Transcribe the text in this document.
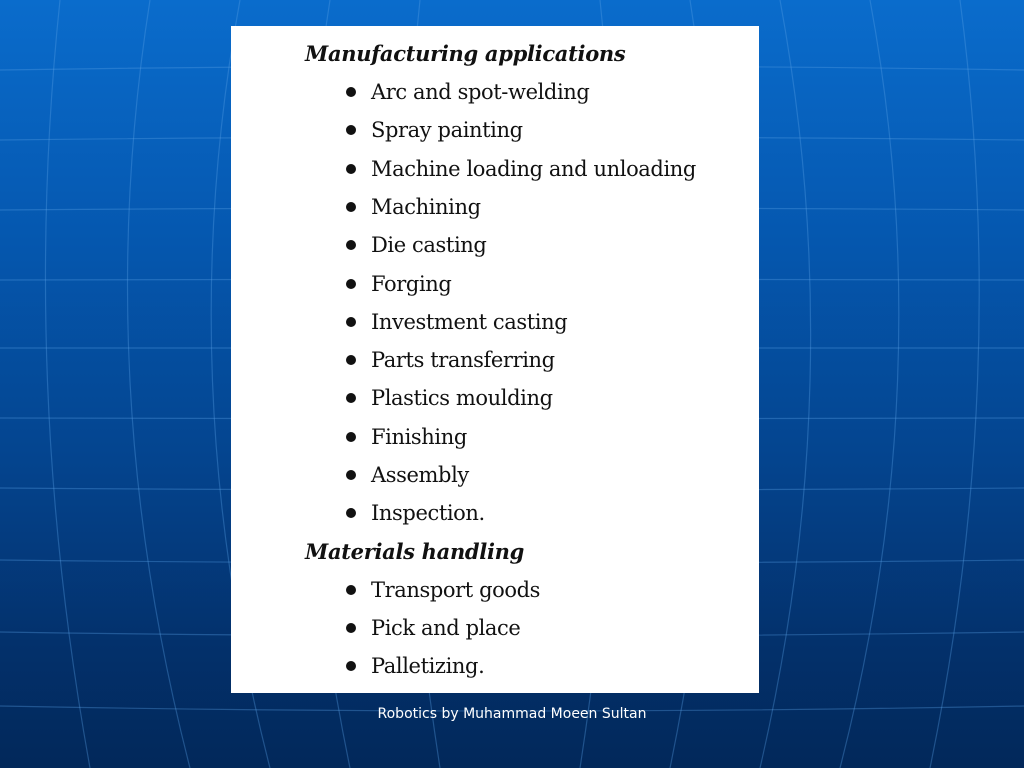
Manufacturing applications
Arc and spot-welding
Spray painting
Machine loading and unloading
Machining
Die casting
Forging
Investment casting
Parts transferring
Plastics moulding
Finishing
Assembly
Inspection.
Materials handling
Transport goods
Pick and place
Palletizing.
Robotics by Muhammad Moeen Sultan
